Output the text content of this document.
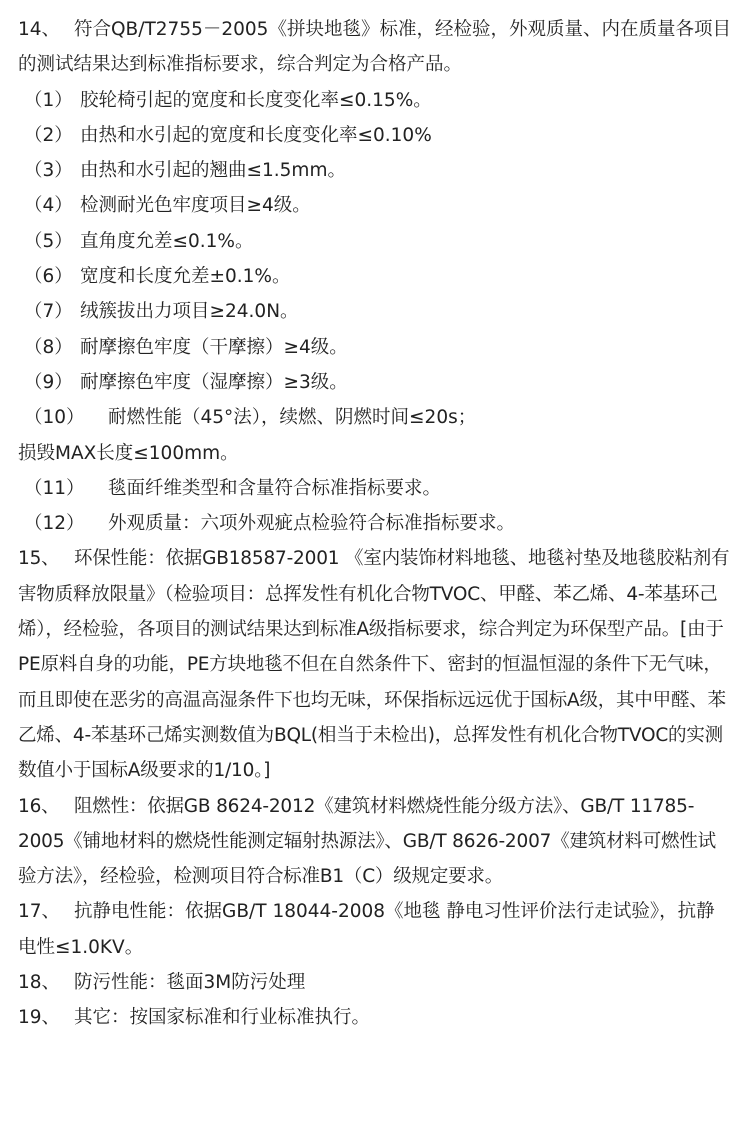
14、 符合QB/T2755－2005《拼块地毯》标准，经检验，外观质量、内在质量各项目的测试结果达到标准指标要求，综合判定为合格产品。

（1） 胶轮椅引起的宽度和长度变化率≤0.15%。

（2） 由热和水引起的宽度和长度变化率≤0.10%

（3） 由热和水引起的翘曲≤1.5mm。

（4） 检测耐光色牢度项目≥4级。

（5） 直角度允差≤0.1%。

（6） 宽度和长度允差±0.1%。

（7） 绒簇拔出力项目≥24.0N。

（8） 耐摩擦色牢度（干摩擦）≥4级。

（9） 耐摩擦色牢度（湿摩擦）≥3级。

（10） 耐燃性能（45°法），续燃、阴燃时间≤20s；

损毁MAX长度≤100mm。

（11） 毯面纤维类型和含量符合标准指标要求。

（12） 外观质量：六项外观疵点检验符合标准指标要求。

15、 环保性能：依据GB18587-2001 《室内装饰材料地毯、地毯衬垫及地毯胶粘剂有害物质释放限量》（检验项目：总挥发性有机化合物TVOC、甲醛、苯乙烯、4-苯基环己烯），经检验，各项目的测试结果达到标准A级指标要求，综合判定为环保型产品。[由于PE原料自身的功能，PE方块地毯不但在自然条件下、密封的恒温恒湿的条件下无气味，而且即使在恶劣的高温高湿条件下也均无味，环保指标远远优于国标A级，其中甲醛、苯乙烯、4-苯基环己烯实测数值为BQL(相当于未检出)，总挥发性有机化合物TVOC的实测数值小于国标A级要求的1/10。]

16、 阻燃性：依据GB 8624-2012《建筑材料燃烧性能分级方法》、GB/T 11785-2005《铺地材料的燃烧性能测定辐射热源法》、GB/T 8626-2007《建筑材料可燃性试验方法》，经检验，检测项目符合标准B1（C）级规定要求。

17、 抗静电性能：依据GB/T 18044-2008《地毯 静电习性评价法行走试验》，抗静电性≤1.0KV。

18、 防污性能：毯面3M防污处理

19、 其它：按国家标准和行业标准执行。
